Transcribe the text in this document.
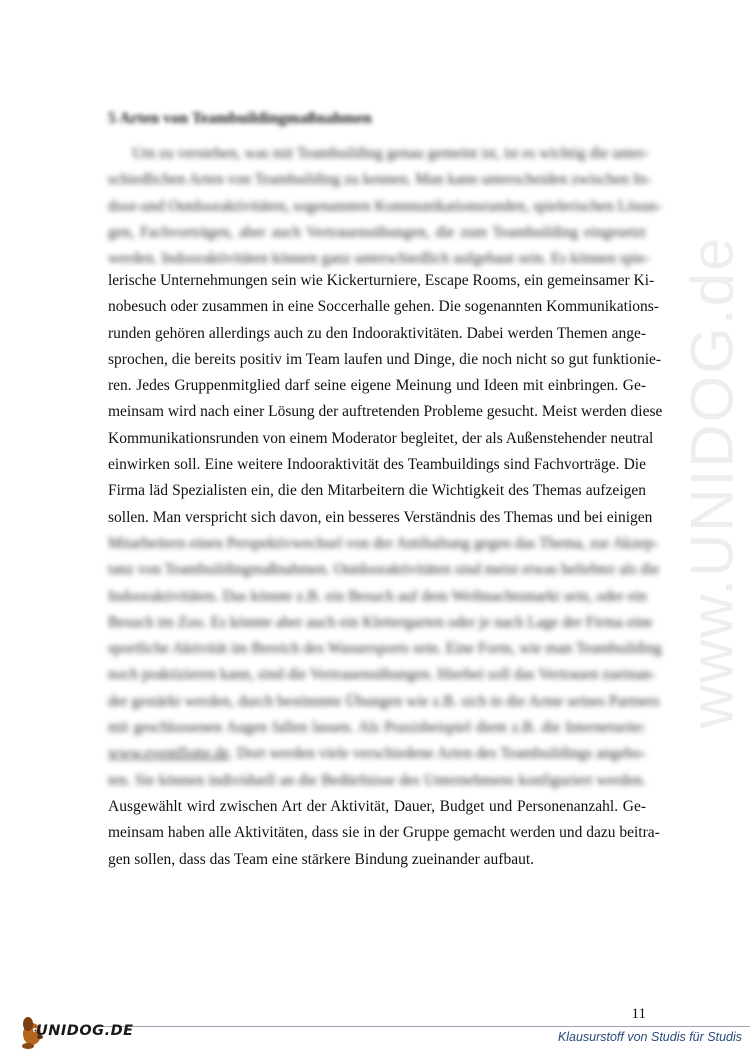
5 Arten von Teambuildingmaßnahmen
Um zu verstehen, was mit Teambuilding genau gemeint ist, ist es wichtig die unter-
schiedlichen Arten von Teambuilding zu kennen. Man kann unterscheiden zwischen In-
door-und Outdooraktivitäten, sogenannten Kommunikationsrunden, spielerischen Lösun-
gen, Fachvorträgen, aber auch Vertrauensübungen, die zum Teambuilding eingesetzt
werden. Indooraktivitäten können ganz unterschiedlich aufgebaut sein. Es können spie-
lerische Unternehmungen sein wie Kickerturniere, Escape Rooms, ein gemeinsamer Ki-
nobesuch oder zusammen in eine Soccerhalle gehen. Die sogenannten Kommunikations-
runden gehören allerdings auch zu den Indooraktivitäten. Dabei werden Themen ange-
sprochen, die bereits positiv im Team laufen und Dinge, die noch nicht so gut funktionie-
ren. Jedes Gruppenmitglied darf seine eigene Meinung und Ideen mit einbringen. Ge-
meinsam wird nach einer Lösung der auftretenden Probleme gesucht. Meist werden diese
Kommunikationsrunden von einem Moderator begleitet, der als Außenstehender neutral
einwirken soll. Eine weitere Indooraktivität des Teambuildings sind Fachvorträge. Die
Firma läd Spezialisten ein, die den Mitarbeitern die Wichtigkeit des Themas aufzeigen
sollen. Man verspricht sich davon, ein besseres Verständnis des Themas und bei einigen
Mitarbeitern einen Perspektivwechsel von der Antihaltung gegen das Thema, zur Akzep-
tanz von Teambuildingmaßnahmen. Outdooraktivitäten sind meist etwas beliebter als die
Indooraktivitäten. Das könnte z.B. ein Besuch auf dem Weihnachtsmarkt sein, oder ein
Besuch im Zoo. Es könnte aber auch ein Klettergarten oder je nach Lage der Firma eine
sportliche Aktivität im Bereich des Wassersports sein. Eine Form, wie man Teambuilding
noch praktizieren kann, sind die Vertrauensübungen. Hierbei soll das Vertrauen zueinan-
der gestärkt werden, durch bestimmte Übungen wie z.B. sich in die Arme seines Partners
mit geschlossenen Augen fallen lassen. Als Praxisbeispiel dient z.B. die Internetseite:
www.eventflotte.de. Dort werden viele verschiedene Arten des Teambuildings angebo-
ten. Sie können individuell an die Bedürfnisse des Unternehmens konfiguriert werden.
Ausgewählt wird zwischen Art der Aktivität, Dauer, Budget und Personenanzahl. Ge-
meinsam haben alle Aktivitäten, dass sie in der Gruppe gemacht werden und dazu beitra-
gen sollen, dass das Team eine stärkere Bindung zueinander aufbaut.
www.UNIDOG.de
11
UNIDOG.DE	Klausurstoff von Studis für Studis
